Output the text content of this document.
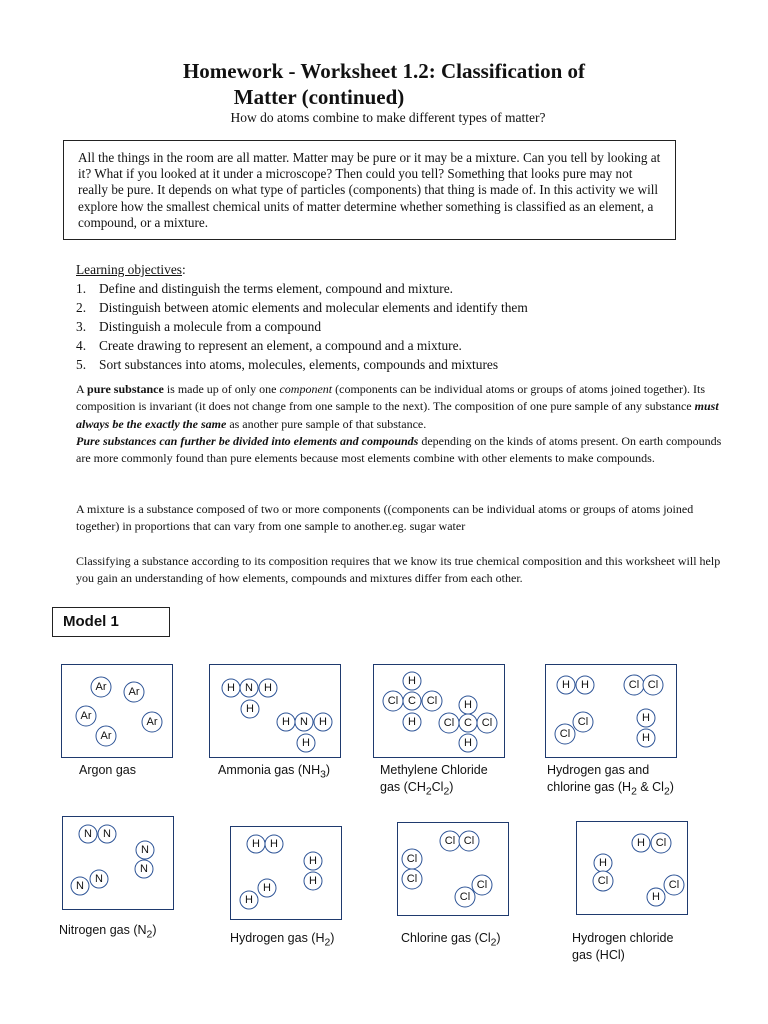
Homework - Worksheet 1.2: Classification of
Matter (continued)
How do atoms combine to make different types of matter?
All the things in the room are all matter. Matter may be pure or it may be a mixture. Can you tell by looking at it? What if you looked at it under a microscope? Then could you tell? Something that looks pure may not really be pure. It depends on what type of particles (components) that thing is made of. In this activity we will explore how the smallest chemical units of matter determine whether something is classified as an element, a compound, or a mixture.
Learning objectives:
1. Define and distinguish the terms element, compound and mixture.
2. Distinguish between atomic elements and molecular elements and identify them
3. Distinguish a molecule from a compound
4. Create drawing to represent an element, a compound and a mixture.
5. Sort substances into atoms, molecules, elements, compounds and mixtures
A pure substance is made up of only one component (components can be individual atoms or groups of atoms joined together). Its composition is invariant (it does not change from one sample to the next). The composition of one pure sample of any substance must always be the exactly the same as another pure sample of that substance.
Pure substances can further be divided into elements and compounds depending on the kinds of atoms present. On earth compounds are more commonly found than pure elements because most elements combine with other elements to make compounds.
A mixture is a substance composed of two or more components ((components can be individual atoms or groups of atoms joined together) in proportions that can vary from one sample to another.eg. sugar water
Classifying a substance according to its composition requires that we know its true chemical composition and this worksheet will help you gain an understanding of how elements, compounds and mixtures differ from each other.
Model 1
Ar Ar
Ar	Ar
Ar
Argon gas
H N H
H
H N H
H
Ammonia gas $(NH_3)$
H
Cl C Cl
H
H
Cl C Cl
H
Methylene Chloride
gas $(CH_2Cl_2)$
H H	Cl Cl
Cl
Cl
H
H
Hydrogen gas and
chlorine gas ($H_2$ & $Cl_2$)
N N
N
N
N
N
Nitrogen gas $(N_2)$
H H
H
H
H
H
Hydrogen gas $(H_2)$
Cl Cl
Cl
Cl	Cl
Cl
Chlorine gas $(Cl_2)$
H Cl
H
Cl	Cl
H
Hydrogen chloride
gas (HCl)
